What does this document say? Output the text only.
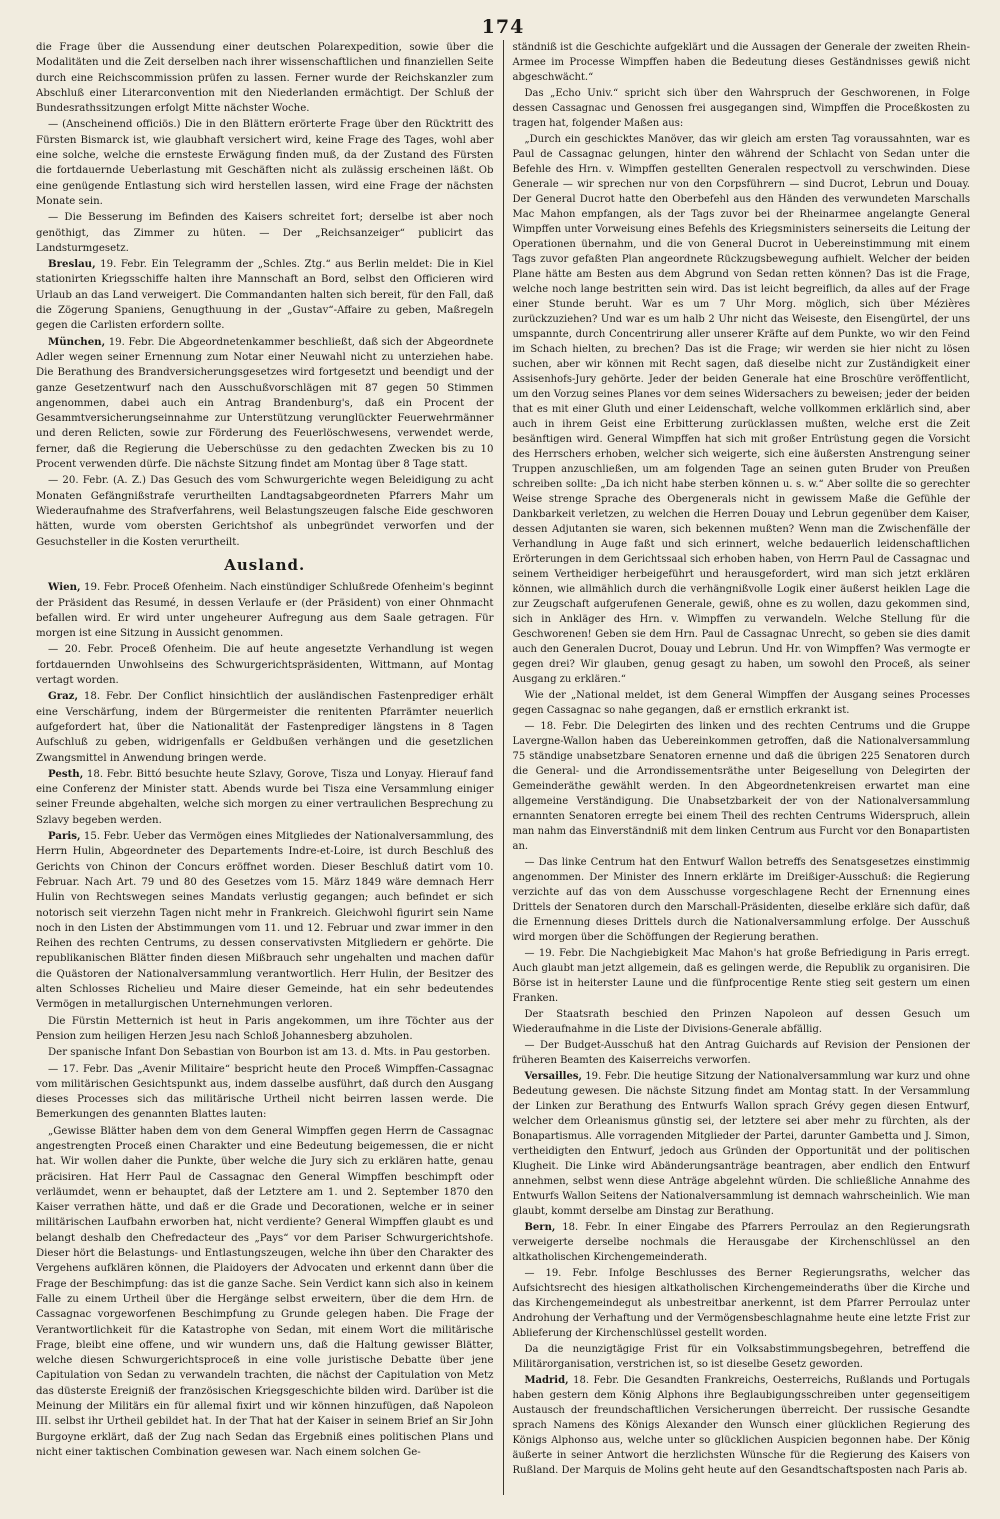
174

die Frage über die Aussendung einer deutschen Polarexpedition, sowie über die Modalitäten und die Zeit derselben nach ihrer wissenschaftlichen und finanziellen Seite durch eine Reichscommission prüfen zu lassen. Ferner wurde der Reichskanzler zum Abschluß einer Literarconvention mit den Niederlanden ermächtigt. Der Schluß der Bundesrathssitzungen erfolgt Mitte nächster Woche.

— (Anscheinend officiös.) Die in den Blättern erörterte Frage über den Rücktritt des Fürsten Bismarck ist, wie glaubhaft versichert wird, keine Frage des Tages, wohl aber eine solche, welche die ernsteste Erwägung finden muß, da der Zustand des Fürsten die fortdauernde Ueberlastung mit Geschäften nicht als zulässig erscheinen läßt. Ob eine genügende Entlastung sich wird herstellen lassen, wird eine Frage der nächsten Monate sein.

— Die Besserung im Befinden des Kaisers schreitet fort; derselbe ist aber noch genöthigt, das Zimmer zu hüten. — Der „Reichsanzeiger“ publicirt das Landsturmgesetz.

Breslau, 19. Febr. Ein Telegramm der „Schles. Ztg.“ aus Berlin meldet: Die in Kiel stationirten Kriegsschiffe halten ihre Mannschaft an Bord, selbst den Officieren wird Urlaub an das Land verweigert. Die Commandanten halten sich bereit, für den Fall, daß die Zögerung Spaniens, Genugthuung in der „Gustav“-Affaire zu geben, Maßregeln gegen die Carlisten erfordern sollte.

München, 19. Febr. Die Abgeordnetenkammer beschließt, daß sich der Abgeordnete Adler wegen seiner Ernennung zum Notar einer Neuwahl nicht zu unterziehen habe. Die Berathung des Brandversicherungsgesetzes wird fortgesetzt und beendigt und der ganze Gesetzentwurf nach den Ausschußvorschlägen mit 87 gegen 50 Stimmen angenommen, dabei auch ein Antrag Brandenburg's, daß ein Procent der Gesammtversicherungseinnahme zur Unterstützung verunglückter Feuerwehrmänner und deren Relicten, sowie zur Förderung des Feuerlöschwesens, verwendet werde, ferner, daß die Regierung die Ueberschüsse zu den gedachten Zwecken bis zu 10 Procent verwenden dürfe. Die nächste Sitzung findet am Montag über 8 Tage statt.

— 20. Febr. (A. Z.) Das Gesuch des vom Schwurgerichte wegen Beleidigung zu acht Monaten Gefängnißstrafe verurtheilten Landtagsabgeordneten Pfarrers Mahr um Wiederaufnahme des Strafverfahrens, weil Belastungszeugen falsche Eide geschworen hätten, wurde vom obersten Gerichtshof als unbegründet verworfen und der Gesuchsteller in die Kosten verurtheilt.

Ausland.

Wien, 19. Febr. Proceß Ofenheim. Nach einstündiger Schlußrede Ofenheim's beginnt der Präsident das Resumé, in dessen Verlaufe er (der Präsident) von einer Ohnmacht befallen wird. Er wird unter ungeheurer Aufregung aus dem Saale getragen. Für morgen ist eine Sitzung in Aussicht genommen.

— 20. Febr. Proceß Ofenheim. Die auf heute angesetzte Verhandlung ist wegen fortdauernden Unwohlseins des Schwurgerichtspräsidenten, Wittmann, auf Montag vertagt worden.

Graz, 18. Febr. Der Conflict hinsichtlich der ausländischen Fastenprediger erhält eine Verschärfung, indem der Bürgermeister die renitenten Pfarrämter neuerlich aufgefordert hat, über die Nationalität der Fastenprediger längstens in 8 Tagen Aufschluß zu geben, widrigenfalls er Geldbußen verhängen und die gesetzlichen Zwangsmittel in Anwendung bringen werde.

Pesth, 18. Febr. Bittó besuchte heute Szlavy, Gorove, Tisza und Lonyay. Hierauf fand eine Conferenz der Minister statt. Abends wurde bei Tisza eine Versammlung einiger seiner Freunde abgehalten, welche sich morgen zu einer vertraulichen Besprechung zu Szlavy begeben werden.

Paris, 15. Febr. Ueber das Vermögen eines Mitgliedes der Nationalversammlung, des Herrn Hulin, Abgeordneter des Departements Indre-et-Loire, ist durch Beschluß des Gerichts von Chinon der Concurs eröffnet worden. Dieser Beschluß datirt vom 10. Februar. Nach Art. 79 und 80 des Gesetzes vom 15. März 1849 wäre demnach Herr Hulin von Rechtswegen seines Mandats verlustig gegangen; auch befindet er sich notorisch seit vierzehn Tagen nicht mehr in Frankreich. Gleichwohl figurirt sein Name noch in den Listen der Abstimmungen vom 11. und 12. Februar und zwar immer in den Reihen des rechten Centrums, zu dessen conservativsten Mitgliedern er gehörte. Die republikanischen Blätter finden diesen Mißbrauch sehr ungehalten und machen dafür die Quästoren der Nationalversammlung verantwortlich. Herr Hulin, der Besitzer des alten Schlosses Richelieu und Maire dieser Gemeinde, hat ein sehr bedeutendes Vermögen in metallurgischen Unternehmungen verloren.

Die Fürstin Metternich ist heut in Paris angekommen, um ihre Töchter aus der Pension zum heiligen Herzen Jesu nach Schloß Johannesberg abzuholen.

Der spanische Infant Don Sebastian von Bourbon ist am 13. d. Mts. in Pau gestorben.

— 17. Febr. Das „Avenir Militaire“ bespricht heute den Proceß Wimpffen-Cassagnac vom militärischen Gesichtspunkt aus, indem dasselbe ausführt, daß durch den Ausgang dieses Processes sich das militärische Urtheil nicht beirren lassen werde. Die Bemerkungen des genannten Blattes lauten:

„Gewisse Blätter haben dem von dem General Wimpffen gegen Herrn de Cassagnac angestrengten Proceß einen Charakter und eine Bedeutung beigemessen, die er nicht hat. Wir wollen daher die Punkte, über welche die Jury sich zu erklären hatte, genau präcisiren. Hat Herr Paul de Cassagnac den General Wimpffen beschimpft oder verläumdet, wenn er behauptet, daß der Letztere am 1. und 2. September 1870 den Kaiser verrathen hätte, und daß er die Grade und Decorationen, welche er in seiner militärischen Laufbahn erworben hat, nicht verdiente? General Wimpffen glaubt es und belangt deshalb den Chefredacteur des „Pays“ vor dem Pariser Schwurgerichtshofe. Dieser hört die Belastungs- und Entlastungszeugen, welche ihn über den Charakter des Vergehens aufklären können, die Plaidoyers der Advocaten und erkennt dann über die Frage der Beschimpfung: das ist die ganze Sache. Sein Verdict kann sich also in keinem Falle zu einem Urtheil über die Hergänge selbst erweitern, über die dem Hrn. de Cassagnac vorgeworfenen Beschimpfung zu Grunde gelegen haben. Die Frage der Verantwortlichkeit für die Katastrophe von Sedan, mit einem Wort die militärische Frage, bleibt eine offene, und wir wundern uns, daß die Haltung gewisser Blätter, welche diesen Schwurgerichtsproceß in eine volle juristische Debatte über jene Capitulation von Sedan zu verwandeln trachten, die nächst der Capitulation von Metz das düsterste Ereigniß der französischen Kriegsgeschichte bilden wird. Darüber ist die Meinung der Militärs ein für allemal fixirt und wir können hinzufügen, daß Napoleon III. selbst ihr Urtheil gebildet hat. In der That hat der Kaiser in seinem Brief an Sir John Burgoyne erklärt, daß der Zug nach Sedan das Ergebniß eines politischen Plans und nicht einer taktischen Combination gewesen war. Nach einem solchen Ge-

ständniß ist die Geschichte aufgeklärt und die Aussagen der Generale der zweiten Rhein-Armee im Processe Wimpffen haben die Bedeutung dieses Geständnisses gewiß nicht abgeschwächt.“

Das „Echo Univ.“ spricht sich über den Wahrspruch der Geschworenen, in Folge dessen Cassagnac und Genossen frei ausgegangen sind, Wimpffen die Proceßkosten zu tragen hat, folgender Maßen aus:

„Durch ein geschicktes Manöver, das wir gleich am ersten Tag voraussahnten, war es Paul de Cassagnac gelungen, hinter den während der Schlacht von Sedan unter die Befehle des Hrn. v. Wimpffen gestellten Generalen respectvoll zu verschwinden. Diese Generale — wir sprechen nur von den Corpsführern — sind Ducrot, Lebrun und Douay. Der General Ducrot hatte den Oberbefehl aus den Händen des verwundeten Marschalls Mac Mahon empfangen, als der Tags zuvor bei der Rheinarmee angelangte General Wimpffen unter Vorweisung eines Befehls des Kriegsministers seinerseits die Leitung der Operationen übernahm, und die von General Ducrot in Uebereinstimmung mit einem Tags zuvor gefaßten Plan angeordnete Rückzugsbewegung aufhielt. Welcher der beiden Plane hätte am Besten aus dem Abgrund von Sedan retten können? Das ist die Frage, welche noch lange bestritten sein wird. Das ist leicht begreiflich, da alles auf der Frage einer Stunde beruht. War es um 7 Uhr Morg. möglich, sich über Mézières zurückzuziehen? Und war es um halb 2 Uhr nicht das Weiseste, den Eisengürtel, der uns umspannte, durch Concentrirung aller unserer Kräfte auf dem Punkte, wo wir den Feind im Schach hielten, zu brechen? Das ist die Frage; wir werden sie hier nicht zu lösen suchen, aber wir können mit Recht sagen, daß dieselbe nicht zur Zuständigkeit einer Assisenhofs-Jury gehörte. Jeder der beiden Generale hat eine Broschüre veröffentlicht, um den Vorzug seines Planes vor dem seines Widersachers zu beweisen; jeder der beiden that es mit einer Gluth und einer Leidenschaft, welche vollkommen erklärlich sind, aber auch in ihrem Geist eine Erbitterung zurücklassen mußten, welche erst die Zeit besänftigen wird. General Wimpffen hat sich mit großer Entrüstung gegen die Vorsicht des Herrschers erhoben, welcher sich weigerte, sich eine äußersten Anstrengung seiner Truppen anzuschließen, um am folgenden Tage an seinen guten Bruder von Preußen schreiben sollte: „Da ich nicht habe sterben können u. s. w.“ Aber sollte die so gerechter Weise strenge Sprache des Obergenerals nicht in gewissem Maße die Gefühle der Dankbarkeit verletzen, zu welchen die Herren Douay und Lebrun gegenüber dem Kaiser, dessen Adjutanten sie waren, sich bekennen mußten? Wenn man die Zwischenfälle der Verhandlung in Auge faßt und sich erinnert, welche bedauerlich leidenschaftlichen Erörterungen in dem Gerichtssaal sich erhoben haben, von Herrn Paul de Cassagnac und seinem Vertheidiger herbeigeführt und herausgefordert, wird man sich jetzt erklären können, wie allmählich durch die verhängnißvolle Logik einer äußerst heiklen Lage die zur Zeugschaft aufgerufenen Generale, gewiß, ohne es zu wollen, dazu gekommen sind, sich in Ankläger des Hrn. v. Wimpffen zu verwandeln. Welche Stellung für die Geschworenen! Geben sie dem Hrn. Paul de Cassagnac Unrecht, so geben sie dies damit auch den Generalen Ducrot, Douay und Lebrun. Und Hr. von Wimpffen? Was vermogte er gegen drei? Wir glauben, genug gesagt zu haben, um sowohl den Proceß, als seiner Ausgang zu erklären.“

Wie der „National meldet, ist dem General Wimpffen der Ausgang seines Processes gegen Cassagnac so nahe gegangen, daß er ernstlich erkrankt ist.

— 18. Febr. Die Delegirten des linken und des rechten Centrums und die Gruppe Lavergne-Wallon haben das Uebereinkommen getroffen, daß die Nationalversammlung 75 ständige unabsetzbare Senatoren ernenne und daß die übrigen 225 Senatoren durch die General- und die Arrondissementsräthe unter Beigesellung von Delegirten der Gemeinderäthe gewählt werden. In den Abgeordnetenkreisen erwartet man eine allgemeine Verständigung. Die Unabsetzbarkeit der von der Nationalversammlung ernannten Senatoren erregte bei einem Theil des rechten Centrums Widerspruch, allein man nahm das Einverständniß mit dem linken Centrum aus Furcht vor den Bonapartisten an.

— Das linke Centrum hat den Entwurf Wallon betreffs des Senatsgesetzes einstimmig angenommen. Der Minister des Innern erklärte im Dreißiger-Ausschuß: die Regierung verzichte auf das von dem Ausschusse vorgeschlagene Recht der Ernennung eines Drittels der Senatoren durch den Marschall-Präsidenten, dieselbe erkläre sich dafür, daß die Ernennung dieses Drittels durch die Nationalversammlung erfolge. Der Ausschuß wird morgen über die Schöffungen der Regierung berathen.

— 19. Febr. Die Nachgiebigkeit Mac Mahon's hat große Befriedigung in Paris erregt. Auch glaubt man jetzt allgemein, daß es gelingen werde, die Republik zu organisiren. Die Börse ist in heiterster Laune und die fünfprocentige Rente stieg seit gestern um einen Franken.

Der Staatsrath beschied den Prinzen Napoleon auf dessen Gesuch um Wiederaufnahme in die Liste der Divisions-Generale abfällig.

— Der Budget-Ausschuß hat den Antrag Guichards auf Revision der Pensionen der früheren Beamten des Kaiserreichs verworfen.

Versailles, 19. Febr. Die heutige Sitzung der Nationalversammlung war kurz und ohne Bedeutung gewesen. Die nächste Sitzung findet am Montag statt. In der Versammlung der Linken zur Berathung des Entwurfs Wallon sprach Grévy gegen diesen Entwurf, welcher dem Orleanismus günstig sei, der letztere sei aber mehr zu fürchten, als der Bonapartismus. Alle vorragenden Mitglieder der Partei, darunter Gambetta und J. Simon, vertheidigten den Entwurf, jedoch aus Gründen der Opportunität und der politischen Klugheit. Die Linke wird Abänderungsanträge beantragen, aber endlich den Entwurf annehmen, selbst wenn diese Anträge abgelehnt würden. Die schließliche Annahme des Entwurfs Wallon Seitens der Nationalversammlung ist demnach wahrscheinlich. Wie man glaubt, kommt derselbe am Dinstag zur Berathung.

Bern, 18. Febr. In einer Eingabe des Pfarrers Perroulaz an den Regierungsrath verweigerte derselbe nochmals die Herausgabe der Kirchenschlüssel an den altkatholischen Kirchengemeinderath.

— 19. Febr. Infolge Beschlusses des Berner Regierungsraths, welcher das Aufsichtsrecht des hiesigen altkatholischen Kirchengemeinderaths über die Kirche und das Kirchengemeindegut als unbestreitbar anerkennt, ist dem Pfarrer Perroulaz unter Androhung der Verhaftung und der Vermögensbeschlagnahme heute eine letzte Frist zur Ablieferung der Kirchenschlüssel gestellt worden.

Da die neunzigtägige Frist für ein Volksabstimmungsbegehren, betreffend die Militärorganisation, verstrichen ist, so ist dieselbe Gesetz geworden.

Madrid, 18. Febr. Die Gesandten Frankreichs, Oesterreichs, Rußlands und Portugals haben gestern dem König Alphons ihre Beglaubigungsschreiben unter gegenseitigem Austausch der freundschaftlichen Versicherungen überreicht. Der russische Gesandte sprach Namens des Königs Alexander den Wunsch einer glücklichen Regierung des Königs Alphonso aus, welche unter so glücklichen Auspicien begonnen habe. Der König äußerte in seiner Antwort die herzlichsten Wünsche für die Regierung des Kaisers von Rußland. Der Marquis de Molins geht heute auf den Gesandtschaftsposten nach Paris ab.
